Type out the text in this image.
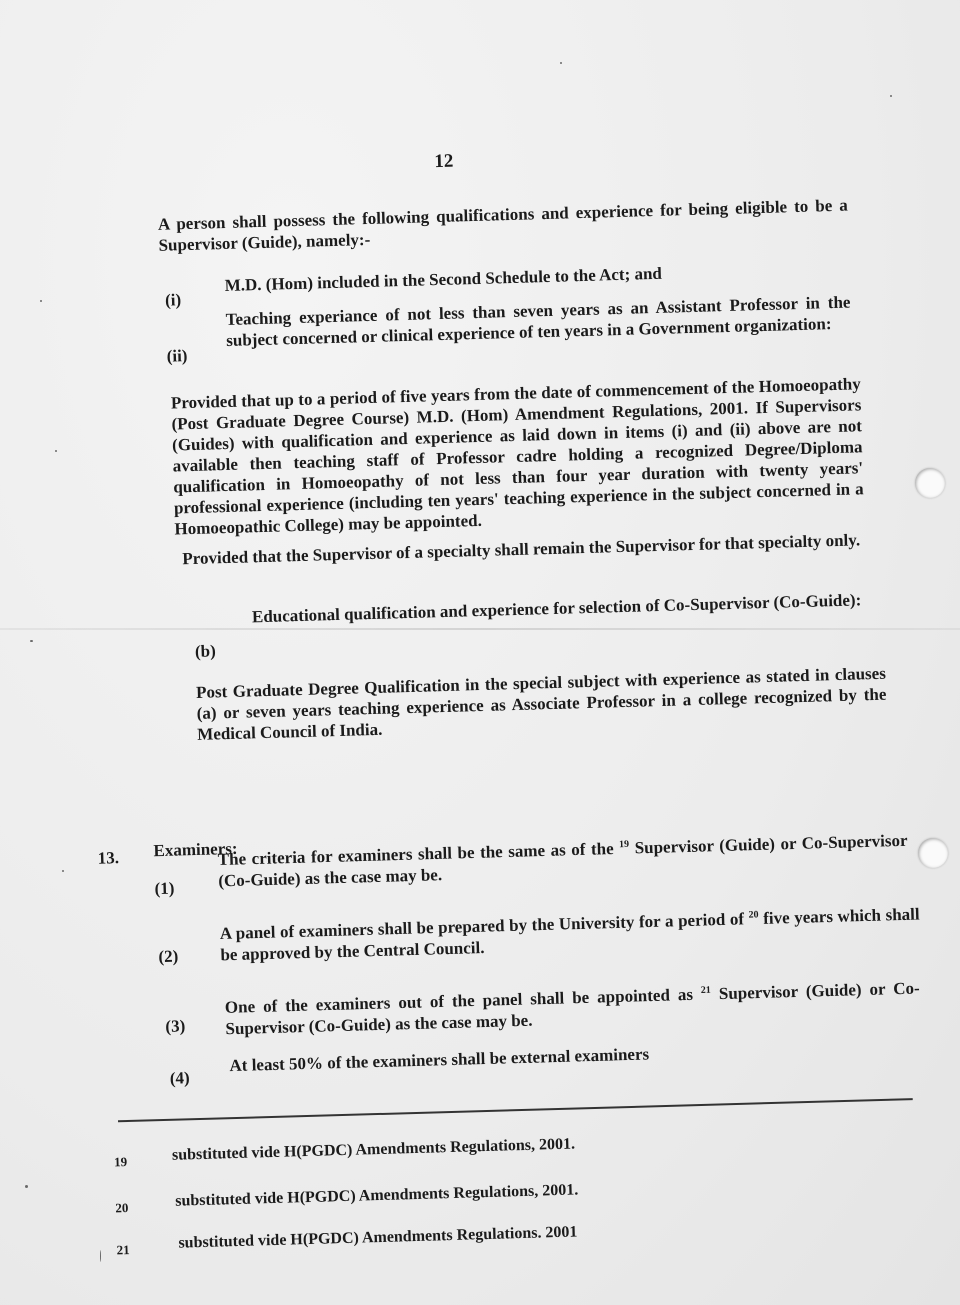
12
A person shall possess the following qualifications and experience for being eligible to be a Supervisor (Guide), namely:-
(i)
M.D. (Hom) included in the Second Schedule to the Act; and
(ii)
Teaching experiance of not less than seven years as an Assistant Professor in the subject concerned or clinical experience of ten years in a Government organization:
Provided that up to a period of five years from the date of commencement of the Homoeopathy (Post Graduate Degree Course) M.D. (Hom) Amendment Regulations, 2001. If Supervisors (Guides) with qualification and experience as laid down in items (i) and (ii) above are not available then teaching staff of Professor cadre holding a recognized Degree/Diploma qualification in Homoeopathy of not less than four year duration with twenty years' professional experience (including ten years' teaching experience in the subject concerned in a Homoeopathic College) may be appointed.
Provided that the Supervisor of a specialty shall remain the Supervisor for that specialty only.
(b)
Educational qualification and experience for selection of Co-Supervisor (Co-Guide):
Post Graduate Degree Qualification in the special subject with experience as stated in clauses (a) or seven years teaching experience as Associate Professor in a college recognized by the Medical Council of India.
13. Examiners:
(1)
The criteria for examiners shall be the same as of the $^{19}$ Supervisor (Guide) or Co-Supervisor (Co-Guide) as the case may be.
(2)
A panel of examiners shall be prepared by the University for a period of $^{20}$ five years which shall be approved by the Central Council.
(3)
One of the examiners out of the panel shall be appointed as $^{21}$ Supervisor (Guide) or Co-Supervisor (Co-Guide) as the case may be.
(4)
At least 50% of the examiners shall be external examiners
19	substituted vide H(PGDC) Amendments Regulations, 2001.
20	substituted vide H(PGDC) Amendments Regulations, 2001.
21	substituted vide H(PGDC) Amendments Regulations. 2001
